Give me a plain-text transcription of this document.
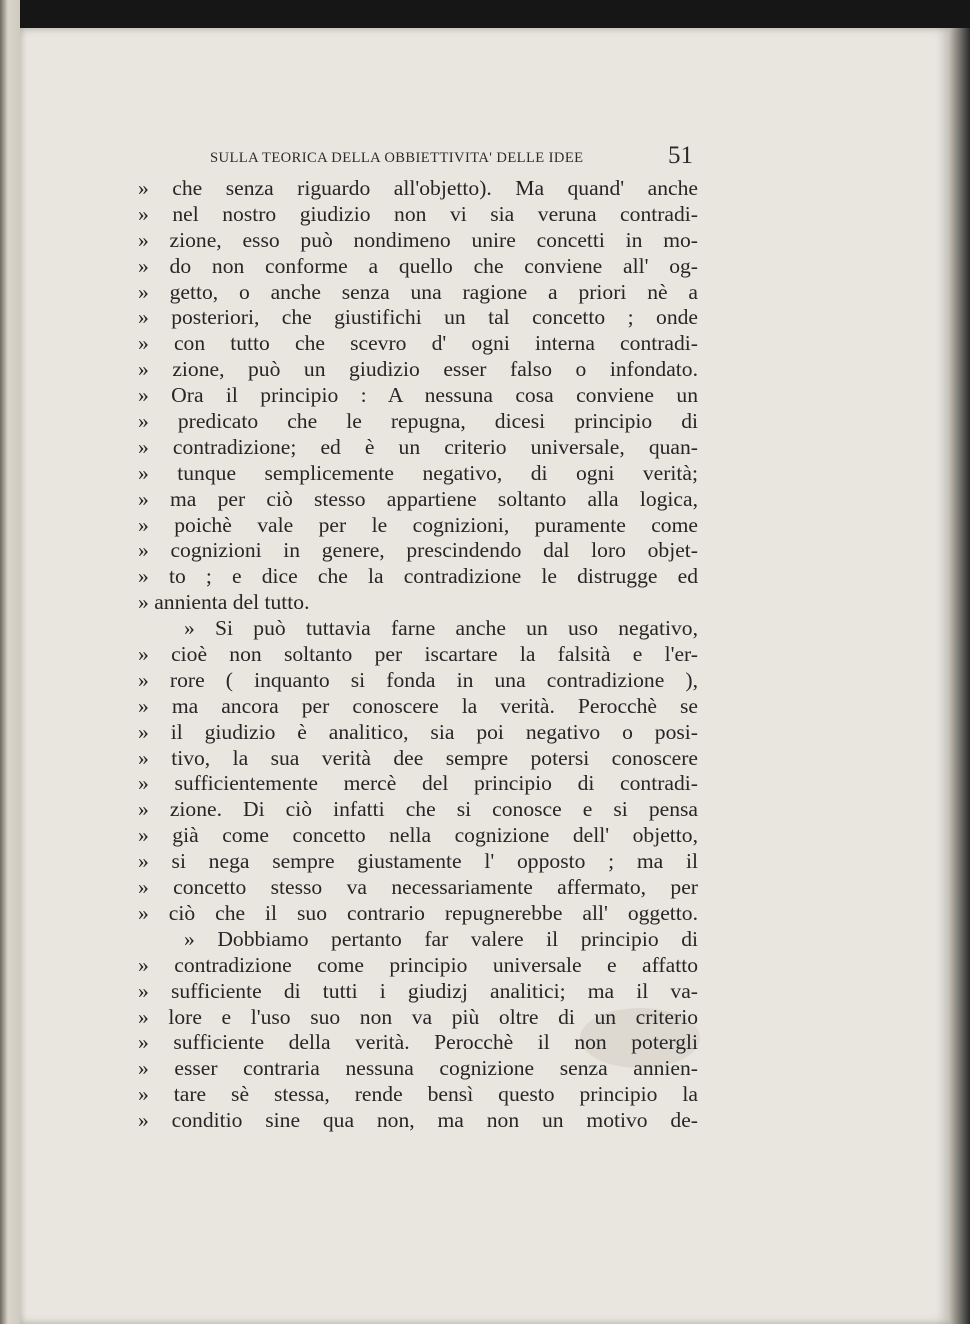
SULLA TEORICA DELLA OBBIETTIVITA' DELLE IDEE	51
» che senza riguardo all'objetto). Ma quand' anche
» nel nostro giudizio non vi sia veruna contradi-
» zione, esso può nondimeno unire concetti in mo-
» do non conforme a quello che conviene all' og-
» getto, o anche senza una ragione a priori nè a
» posteriori, che giustifichi un tal concetto ; onde
» con tutto che scevro d' ogni interna contradi-
» zione, può un giudizio esser falso o infondato.
» Ora il principio : A nessuna cosa conviene un
» predicato che le repugna, dicesi principio di
» contradizione; ed è un criterio universale, quan-
» tunque semplicemente negativo, di ogni verità;
» ma per ciò stesso appartiene soltanto alla logica,
» poichè vale per le cognizioni, puramente come
» cognizioni in genere, prescindendo dal loro objet-
» to ; e dice che la contradizione le distrugge ed
» annienta del tutto.
» Si può tuttavia farne anche un uso negativo,
» cioè non soltanto per iscartare la falsità e l'er-
» rore ( inquanto si fonda in una contradizione ),
» ma ancora per conoscere la verità. Perocchè se
» il giudizio è analitico, sia poi negativo o posi-
» tivo, la sua verità dee sempre potersi conoscere
» sufficientemente mercè del principio di contradi-
» zione. Di ciò infatti che si conosce e si pensa
» già come concetto nella cognizione dell' objetto,
» si nega sempre giustamente l' opposto ; ma il
» concetto stesso va necessariamente affermato, per
» ciò che il suo contrario repugnerebbe all' oggetto.
» Dobbiamo pertanto far valere il principio di
» contradizione come principio universale e affatto
» sufficiente di tutti i giudizj analitici; ma il va-
» lore e l'uso suo non va più oltre di un criterio
» sufficiente della verità. Perocchè il non potergli
» esser contraria nessuna cognizione senza annien-
» tare sè stessa, rende bensì questo principio la
» conditio sine qua non, ma non un motivo de-
